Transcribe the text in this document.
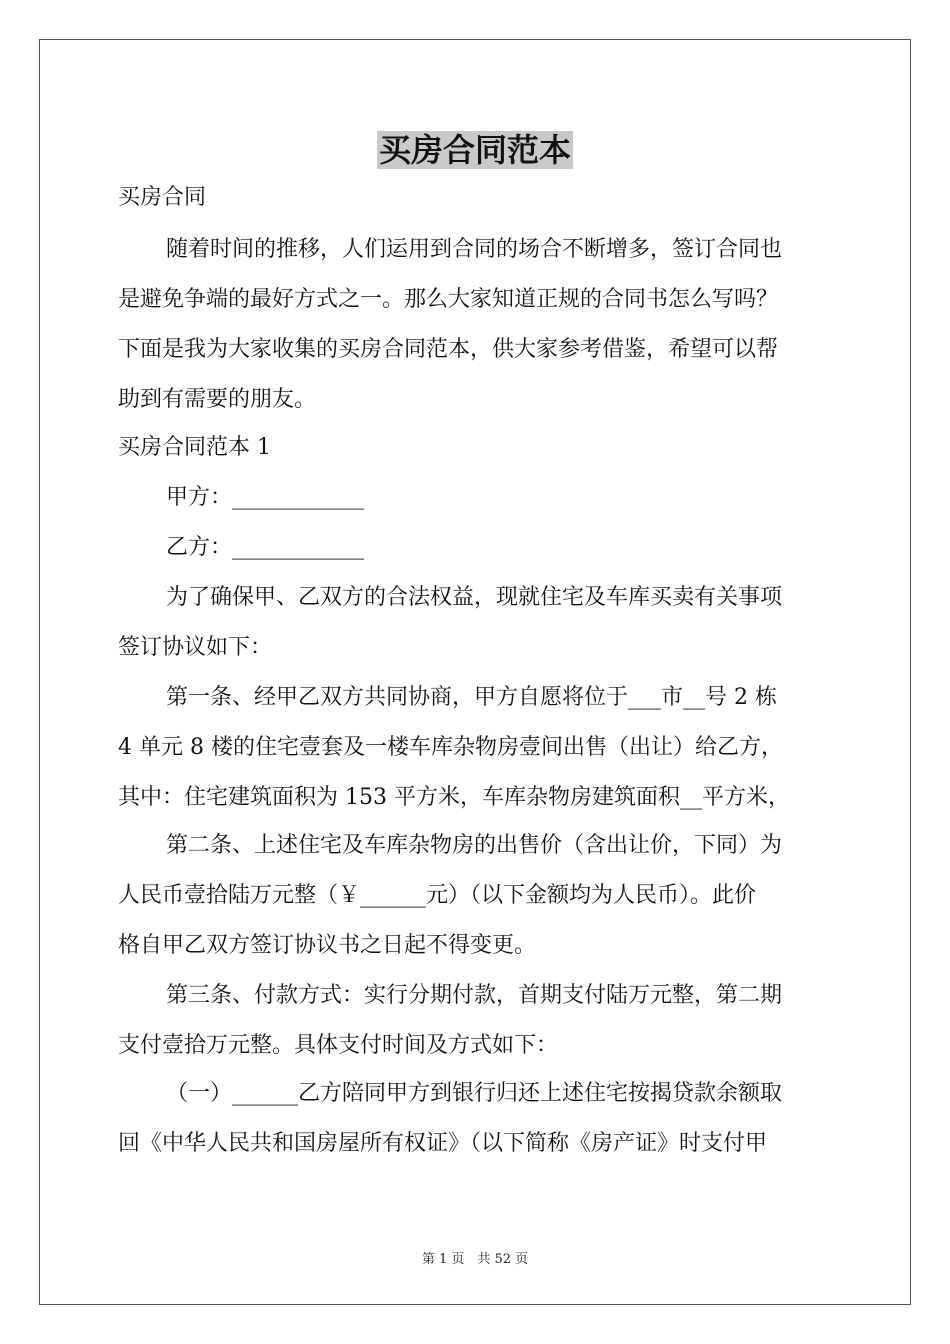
买房合同范本
买房合同
随着时间的推移，人们运用到合同的场合不断增多，签订合同也
是避免争端的最好方式之一。那么大家知道正规的合同书怎么写吗？
下面是我为大家收集的买房合同范本，供大家参考借鉴，希望可以帮
助到有需要的朋友。
买房合同范本 1
甲方：____________
乙方：____________
为了确保甲、乙双方的合法权益，现就住宅及车库买卖有关事项
签订协议如下：
第一条、经甲乙双方共同协商，甲方自愿将位于___市__号 2 栋
4 单元 8 楼的住宅壹套及一楼车库杂物房壹间出售（出让）给乙方，
其中：住宅建筑面积为 153 平方米，车库杂物房建筑面积__平方米，
第二条、上述住宅及车库杂物房的出售价（含出让价，下同）为
人民币壹拾陆万元整（￥______元）（以下金额均为人民币）。此价
格自甲乙双方签订协议书之日起不得变更。
第三条、付款方式：实行分期付款，首期支付陆万元整，第二期
支付壹拾万元整。具体支付时间及方式如下：
（一）______乙方陪同甲方到银行归还上述住宅按揭贷款余额取
回《中华人民共和国房屋所有权证》（以下简称《房产证》时支付甲
第 1 页　共 52 页
